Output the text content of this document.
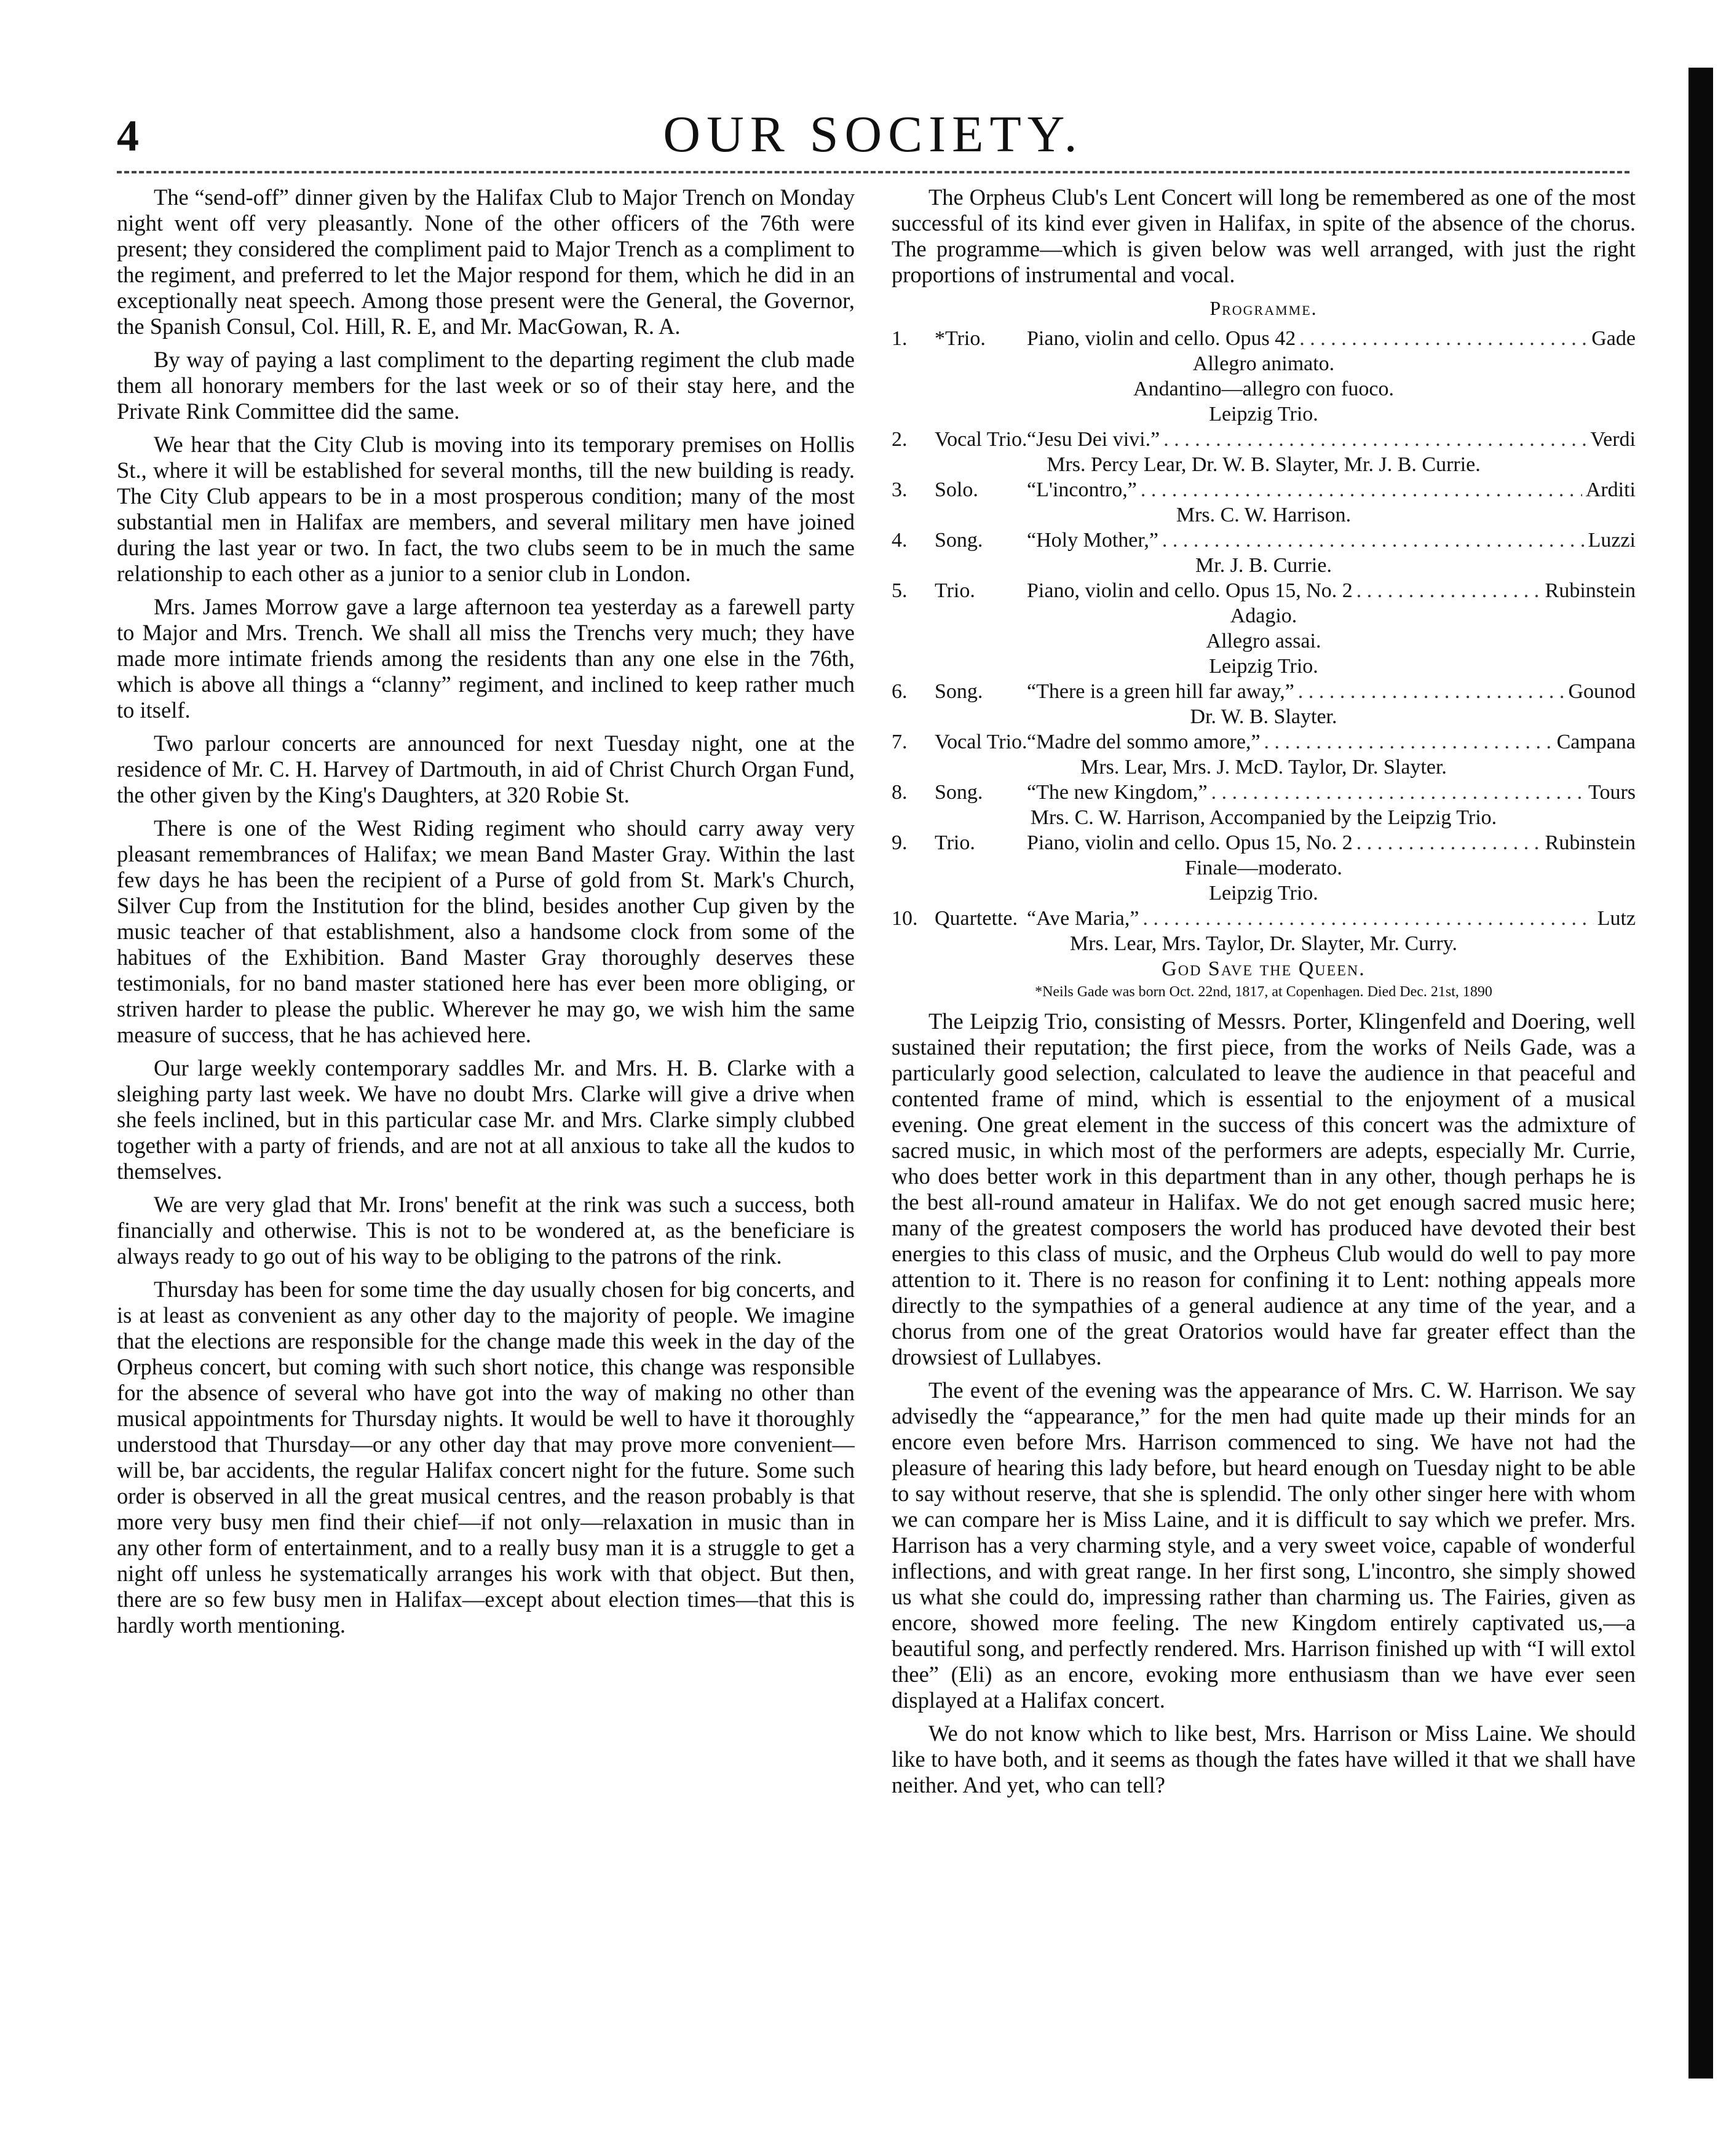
4	OUR SOCIETY.

The “send-off” dinner given by the Halifax Club to Major Trench on Monday night went off very pleasantly. None of the other officers of the 76th were present; they considered the compliment paid to Major Trench as a compliment to the regiment, and preferred to let the Major respond for them, which he did in an exceptionally neat speech. Among those present were the General, the Governor, the Spanish Consul, Col. Hill, R. E, and Mr. MacGowan, R. A.

By way of paying a last compliment to the departing regiment the club made them all honorary members for the last week or so of their stay here, and the Private Rink Committee did the same.

We hear that the City Club is moving into its temporary premises on Hollis St., where it will be established for several months, till the new building is ready. The City Club appears to be in a most prosperous condition; many of the most substantial men in Halifax are members, and several military men have joined during the last year or two. In fact, the two clubs seem to be in much the same relationship to each other as a junior to a senior club in London.

Mrs. James Morrow gave a large afternoon tea yesterday as a farewell party to Major and Mrs. Trench. We shall all miss the Trenchs very much; they have made more intimate friends among the residents than any one else in the 76th, which is above all things a “clanny” regiment, and inclined to keep rather much to itself.

Two parlour concerts are announced for next Tuesday night, one at the residence of Mr. C. H. Harvey of Dartmouth, in aid of Christ Church Organ Fund, the other given by the King's Daughters, at 320 Robie St.

There is one of the West Riding regiment who should carry away very pleasant remembrances of Halifax; we mean Band Master Gray. Within the last few days he has been the recipient of a Purse of gold from St. Mark's Church, Silver Cup from the Institution for the blind, besides another Cup given by the music teacher of that establishment, also a handsome clock from some of the habitues of the Exhibition. Band Master Gray thoroughly deserves these testimonials, for no band master stationed here has ever been more obliging, or striven harder to please the public. Wherever he may go, we wish him the same measure of success, that he has achieved here.

Our large weekly contemporary saddles Mr. and Mrs. H. B. Clarke with a sleighing party last week. We have no doubt Mrs. Clarke will give a drive when she feels inclined, but in this particular case Mr. and Mrs. Clarke simply clubbed together with a party of friends, and are not at all anxious to take all the kudos to themselves.

We are very glad that Mr. Irons' benefit at the rink was such a success, both financially and otherwise. This is not to be wondered at, as the beneficiare is always ready to go out of his way to be obliging to the patrons of the rink.

Thursday has been for some time the day usually chosen for big concerts, and is at least as convenient as any other day to the majority of people. We imagine that the elections are responsible for the change made this week in the day of the Orpheus concert, but coming with such short notice, this change was responsible for the absence of several who have got into the way of making no other than musical appointments for Thursday nights. It would be well to have it thoroughly understood that Thursday—or any other day that may prove more convenient—will be, bar accidents, the regular Halifax concert night for the future. Some such order is observed in all the great musical centres, and the reason probably is that more very busy men find their chief—if not only—relaxation in music than in any other form of entertainment, and to a really busy man it is a struggle to get a night off unless he systematically arranges his work with that object. But then, there are so few busy men in Halifax—except about election times—that this is hardly worth mentioning.

The Orpheus Club's Lent Concert will long be remembered as one of the most successful of its kind ever given in Halifax, in spite of the absence of the chorus. The programme—which is given below was well arranged, with just the right proportions of instrumental and vocal.

Programme.
1.	*Trio.	Piano, violin and cello. Opus 42 . . .	Gade
Allegro animato.
Andantino—allegro con fuoco.
Leipzig Trio.
2.	Vocal Trio. “Jesu Dei vivi.” . . .	Verdi
Mrs. Percy Lear, Dr. W. B. Slayter, Mr. J. B. Currie.
3.	Solo.	“L'incontro,” . . .	Arditi
Mrs. C. W. Harrison.
4.	Song.	“Holy Mother,” . . .	Luzzi
Mr. J. B. Currie.
5.	Trio.	Piano, violin and cello. Opus 15, No. 2 . . .	Rubinstein
Adagio.
Allegro assai.
Leipzig Trio.
6.	Song.	“There is a green hill far away,” . . .	Gounod
Dr. W. B. Slayter.
7.	Vocal Trio. “Madre del sommo amore,” . . .	Campana
Mrs. Lear, Mrs. J. McD. Taylor, Dr. Slayter.
8.	Song.	“The new Kingdom,” . . .	Tours
Mrs. C. W. Harrison, Accompanied by the Leipzig Trio.
9.	Trio.	Piano, violin and cello. Opus 15, No. 2 . . .	Rubinstein
Finale—moderato.
Leipzig Trio.
10. Quartette. “Ave Maria,” . . .	Lutz
Mrs. Lear, Mrs. Taylor, Dr. Slayter, Mr. Curry.
God Save the Queen.
*Neils Gade was born Oct. 22nd, 1817, at Copenhagen. Died Dec. 21st, 1890

The Leipzig Trio, consisting of Messrs. Porter, Klingenfeld and Doering, well sustained their reputation; the first piece, from the works of Neils Gade, was a particularly good selection, calculated to leave the audience in that peaceful and contented frame of mind, which is essential to the enjoyment of a musical evening. One great element in the success of this concert was the admixture of sacred music, in which most of the performers are adepts, especially Mr. Currie, who does better work in this department than in any other, though perhaps he is the best all-round amateur in Halifax. We do not get enough sacred music here; many of the greatest composers the world has produced have devoted their best energies to this class of music, and the Orpheus Club would do well to pay more attention to it. There is no reason for confining it to Lent: nothing appeals more directly to the sympathies of a general audience at any time of the year, and a chorus from one of the great Oratorios would have far greater effect than the drowsiest of Lullabyes.

The event of the evening was the appearance of Mrs. C. W. Harrison. We say advisedly the “appearance,” for the men had quite made up their minds for an encore even before Mrs. Harrison commenced to sing. We have not had the pleasure of hearing this lady before, but heard enough on Tuesday night to be able to say without reserve, that she is splendid. The only other singer here with whom we can compare her is Miss Laine, and it is difficult to say which we prefer. Mrs. Harrison has a very charming style, and a very sweet voice, capable of wonderful inflections, and with great range. In her first song, L'incontro, she simply showed us what she could do, impressing rather than charming us. The Fairies, given as encore, showed more feeling. The new Kingdom entirely captivated us,—a beautiful song, and perfectly rendered. Mrs. Harrison finished up with “I will extol thee” (Eli) as an encore, evoking more enthusiasm than we have ever seen displayed at a Halifax concert.

We do not know which to like best, Mrs. Harrison or Miss Laine. We should like to have both, and it seems as though the fates have willed it that we shall have neither. And yet, who can tell?
